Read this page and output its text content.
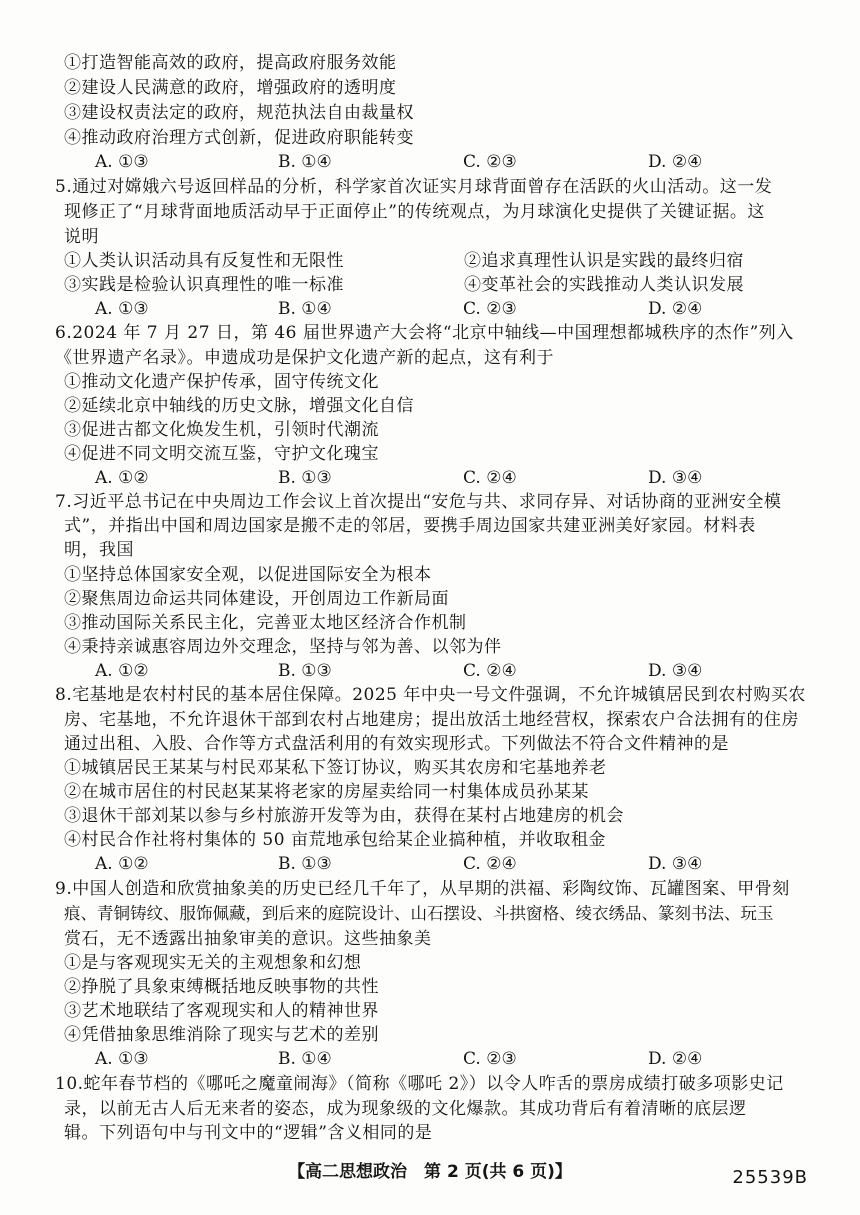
①打造智能高效的政府，提高政府服务效能
②建设人民满意的政府，增强政府的透明度
③建设权责法定的政府，规范执法自由裁量权
④推动政府治理方式创新，促进政府职能转变
A. ①③	B. ①④	C. ②③	D. ②④
5.通过对嫦娥六号返回样品的分析，科学家首次证实月球背面曾存在活跃的火山活动。这一发
现修正了“月球背面地质活动早于正面停止”的传统观点，为月球演化史提供了关键证据。这
说明
①人类认识活动具有反复性和无限性	②追求真理性认识是实践的最终归宿
③实践是检验认识真理性的唯一标准	④变革社会的实践推动人类认识发展
A. ①③	B. ①④	C. ②③	D. ②④
6.2024 年 7 月 27 日，第 46 届世界遗产大会将“北京中轴线—中国理想都城秩序的杰作”列入
《世界遗产名录》。申遗成功是保护文化遗产新的起点，这有利于
①推动文化遗产保护传承，固守传统文化
②延续北京中轴线的历史文脉，增强文化自信
③促进古都文化焕发生机，引领时代潮流
④促进不同文明交流互鉴，守护文化瑰宝
A. ①②	B. ①③	C. ②④	D. ③④
7.习近平总书记在中央周边工作会议上首次提出“安危与共、求同存异、对话协商的亚洲安全模
式”，并指出中国和周边国家是搬不走的邻居，要携手周边国家共建亚洲美好家园。材料表
明，我国
①坚持总体国家安全观，以促进国际安全为根本
②聚焦周边命运共同体建设，开创周边工作新局面
③推动国际关系民主化，完善亚太地区经济合作机制
④秉持亲诚惠容周边外交理念，坚持与邻为善、以邻为伴
A. ①②	B. ①③	C. ②④	D. ③④
8.宅基地是农村村民的基本居住保障。2025 年中央一号文件强调，不允许城镇居民到农村购买农
房、宅基地，不允许退休干部到农村占地建房；提出放活土地经营权，探索农户合法拥有的住房
通过出租、入股、合作等方式盘活利用的有效实现形式。下列做法不符合文件精神的是
①城镇居民王某某与村民邓某私下签订协议，购买其农房和宅基地养老
②在城市居住的村民赵某某将老家的房屋卖给同一村集体成员孙某某
③退休干部刘某以参与乡村旅游开发等为由，获得在某村占地建房的机会
④村民合作社将村集体的 50 亩荒地承包给某企业搞种植，并收取租金
A. ①②	B. ①③	C. ②④	D. ③④
9.中国人创造和欣赏抽象美的历史已经几千年了，从早期的洪福、彩陶纹饰、瓦罐图案、甲骨刻
痕、青铜铸纹、服饰佩藏，到后来的庭院设计、山石摆设、斗拱窗格、绫衣绣品、篆刻书法、玩玉
赏石，无不透露出抽象审美的意识。这些抽象美
①是与客观现实无关的主观想象和幻想
②挣脱了具象束缚概括地反映事物的共性
③艺术地联结了客观现实和人的精神世界
④凭借抽象思维消除了现实与艺术的差别
A. ①③	B. ①④	C. ②③	D. ②④
10.蛇年春节档的《哪吒之魔童闹海》（简称《哪吒 2》）以令人咋舌的票房成绩打破多项影史记
录，以前无古人后无来者的姿态，成为现象级的文化爆款。其成功背后有着清晰的底层逻
辑。下列语句中与刊文中的“逻辑”含义相同的是
【高二思想政治　第 2 页(共 6 页)】	25539B
